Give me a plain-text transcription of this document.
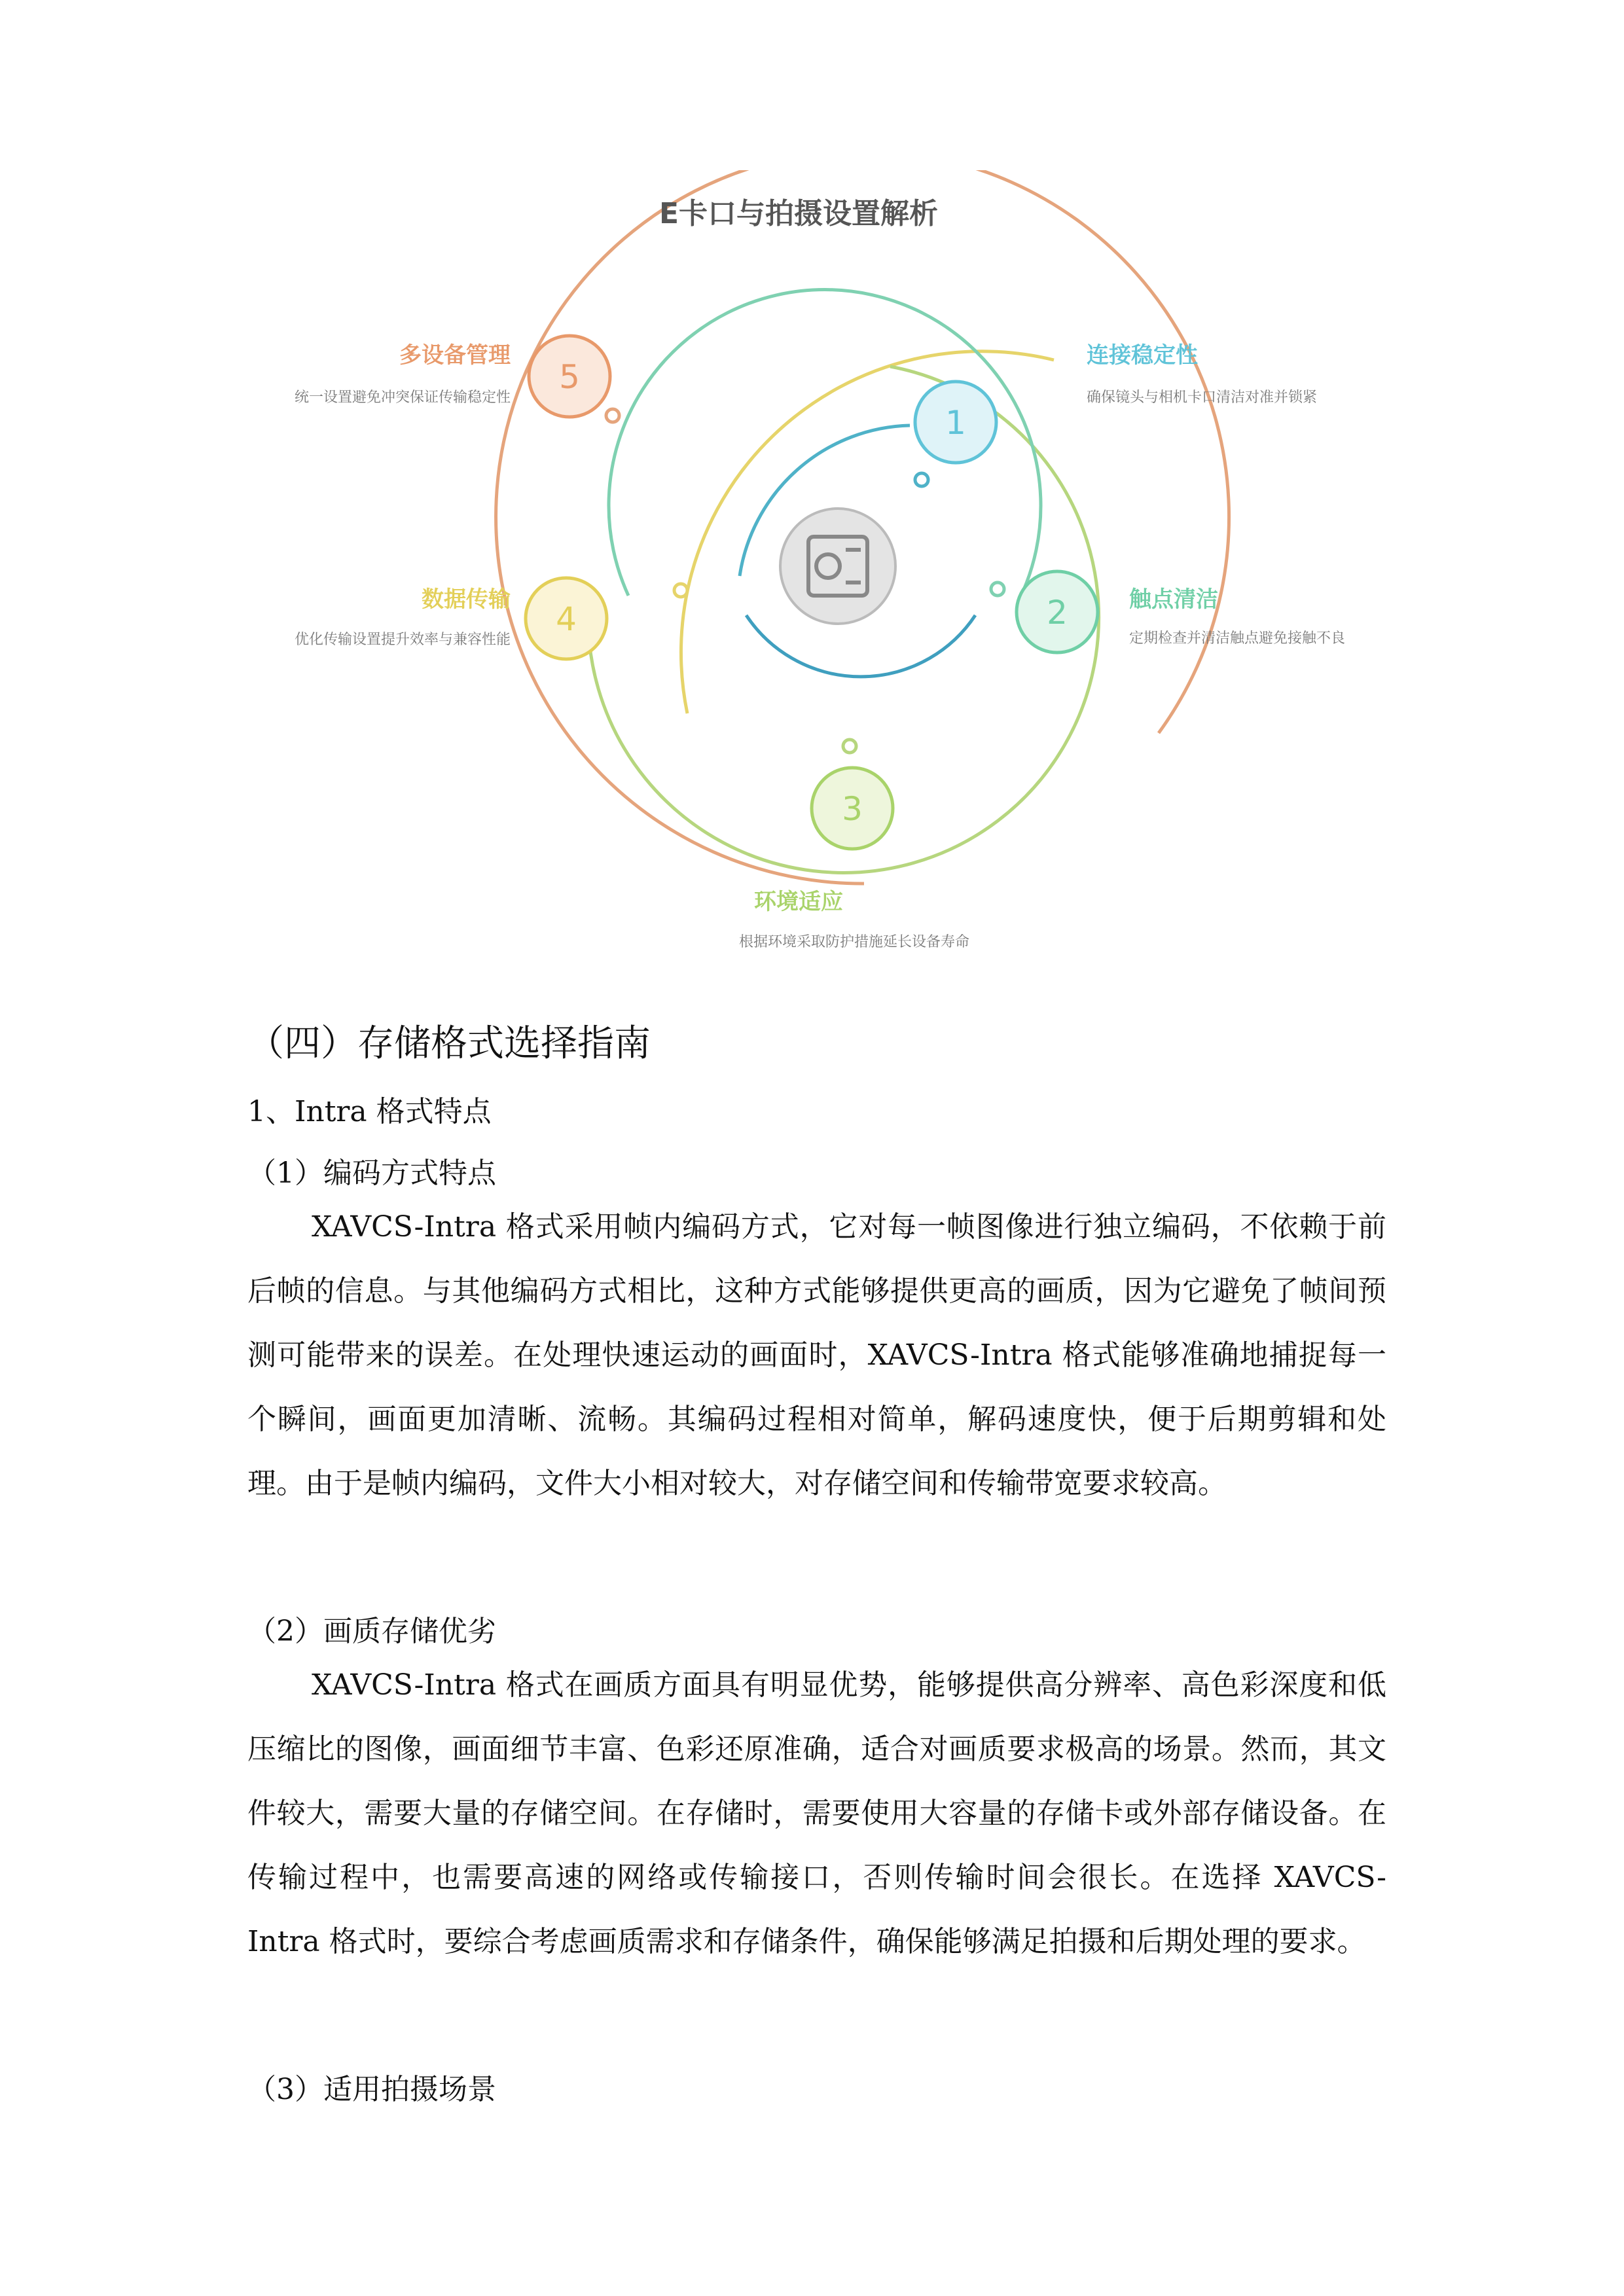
1
2
3
4
5
E卡口与拍摄设置解析
连接稳定性
确保镜头与相机卡口清洁对准并锁紧
触点清洁
定期检查并清洁触点避免接触不良
环境适应
根据环境采取防护措施延长设备寿命
数据传输
优化传输设置提升效率与兼容性能
多设备管理
统一设置避免冲突保证传输稳定性
（四）存储格式选择指南
1、Intra 格式特点
（1）编码方式特点
XAVCS-Intra 格式采用帧内编码方式，它对每一帧图像进行独立编码，不依赖于前后帧的信息。与其他编码方式相比，这种方式能够提供更高的画质，因为它避免了帧间预测可能带来的误差。在处理快速运动的画面时，XAVCS-Intra 格式能够准确地捕捉每一个瞬间，画面更加清晰、流畅。其编码过程相对简单，解码速度快，便于后期剪辑和处理。由于是帧内编码，文件大小相对较大，对存储空间和传输带宽要求较高。
（2）画质存储优劣
XAVCS-Intra 格式在画质方面具有明显优势，能够提供高分辨率、高色彩深度和低压缩比的图像，画面细节丰富、色彩还原准确，适合对画质要求极高的场景。然而，其文件较大，需要大量的存储空间。在存储时，需要使用大容量的存储卡或外部存储设备。在传输过程中，也需要高速的网络或传输接口，否则传输时间会很长。在选择 XAVCS-Intra 格式时，要综合考虑画质需求和存储条件，确保能够满足拍摄和后期处理的要求。
（3）适用拍摄场景
